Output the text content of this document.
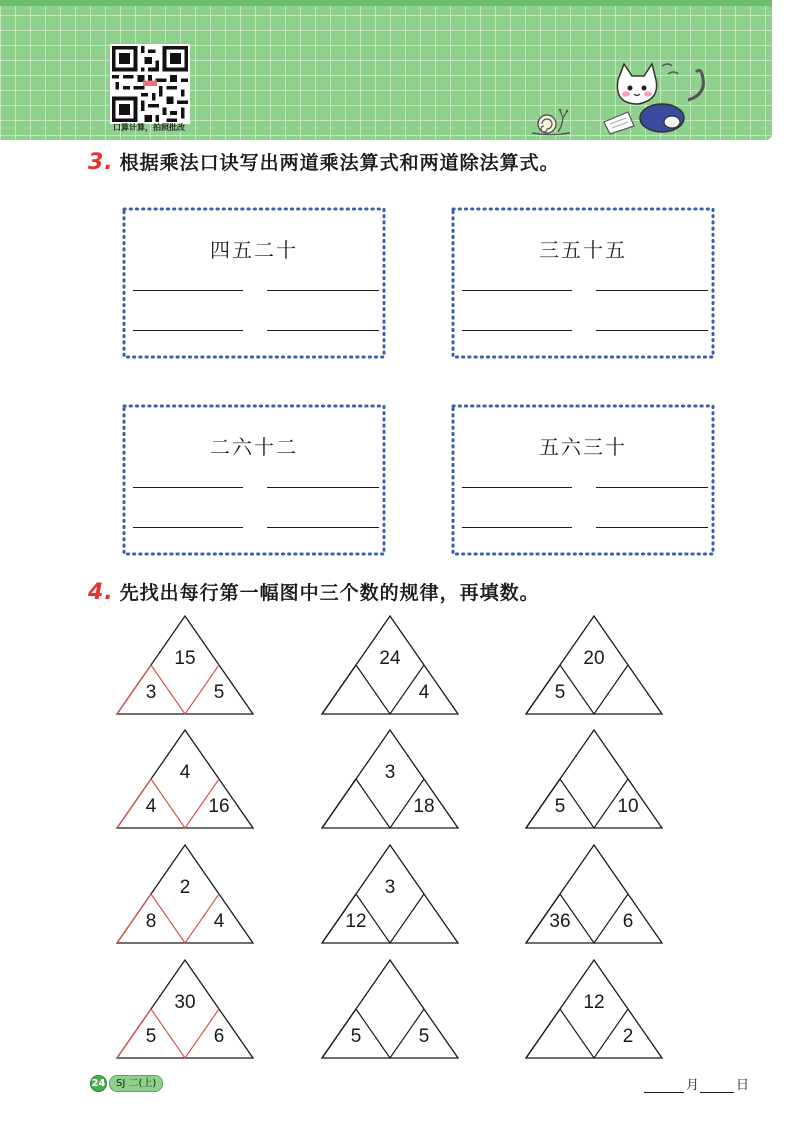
口算计算，拍照批改
3. 根据乘法口诀写出两道乘法算式和两道除法算式。
四五二十	三五十五
二六十二	五六三十
4. 先找出每行第一幅图中三个数的规律，再填数。
15
3	5
24
4
20
5
4
4	16
3
18	5	10
2
8	4
3
12	36	6
30
5	6	5	5
12
2
24	SJ 二(上)	月	日
